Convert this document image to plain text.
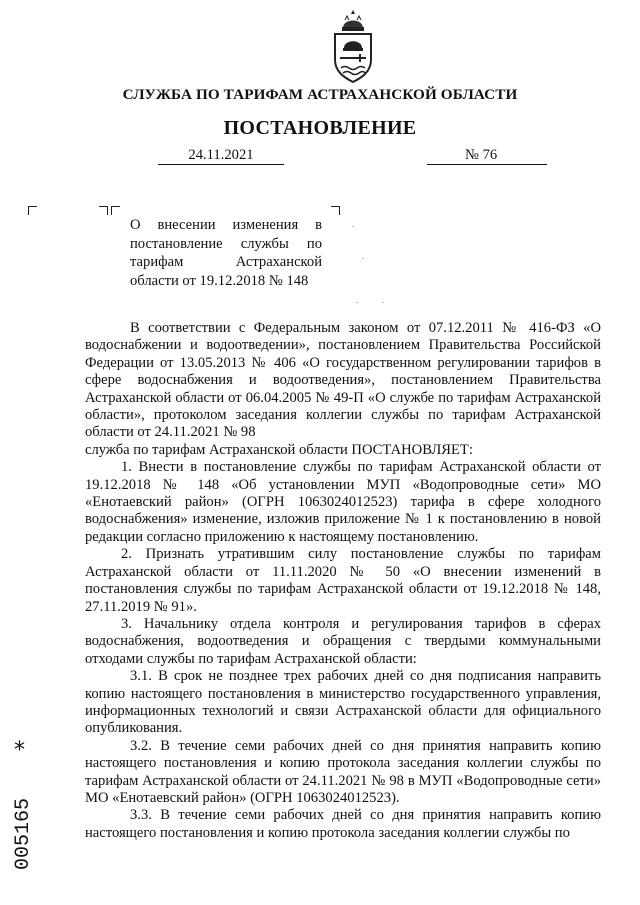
СЛУЖБА ПО ТАРИФАМ АСТРАХАНСКОЙ ОБЛАСТИ
ПОСТАНОВЛЕНИЕ
24.11.2021	№ 76
О внесении изменения в
постановление службы по
тарифам Астраханской
области от 19.12.2018 № 148

В соответствии с Федеральным законом от 07.12.2011 № 416-ФЗ «О водоснабжении и водоотведении», постановлением Правительства Российской Федерации от 13.05.2013 № 406 «О государственном регулировании тарифов в сфере водоснабжения и водоотведения», постановлением Правительства Астраханской области от 06.04.2005 № 49-П «О службе по тарифам Астраханской области», протоколом заседания коллегии службы по тарифам Астраханской области от 24.11.2021 № 98

служба по тарифам Астраханской области ПОСТАНОВЛЯЕТ:

1. Внести в постановление службы по тарифам Астраханской области от 19.12.2018 № 148 «Об установлении МУП «Водопроводные сети» МО «Енотаевский район» (ОГРН 1063024012523) тарифа в сфере холодного водоснабжения» изменение, изложив приложение № 1 к постановлению в новой редакции согласно приложению к настоящему постановлению.

2. Признать утратившим силу постановление службы по тарифам Астраханской области от 11.11.2020 № 50 «О внесении изменений в постановления службы по тарифам Астраханской области от 19.12.2018 № 148, 27.11.2019 № 91».

3. Начальнику отдела контроля и регулирования тарифов в сферах водоснабжения, водоотведения и обращения с твердыми коммунальными отходами службы по тарифам Астраханской области:

3.1. В срок не позднее трех рабочих дней со дня подписания направить копию настоящего постановления в министерство государственного управления, информационных технологий и связи Астраханской области для официального опубликования.

3.2. В течение семи рабочих дней со дня принятия направить копию настоящего постановления и копию протокола заседания коллегии службы по тарифам Астраханской области от 24.11.2021 № 98 в МУП «Водопроводные сети» МО «Енотаевский район» (ОГРН 1063024012523).

3.3. В течение семи рабочих дней со дня принятия направить копию настоящего постановления и копию протокола заседания коллегии службы по

*
005165
